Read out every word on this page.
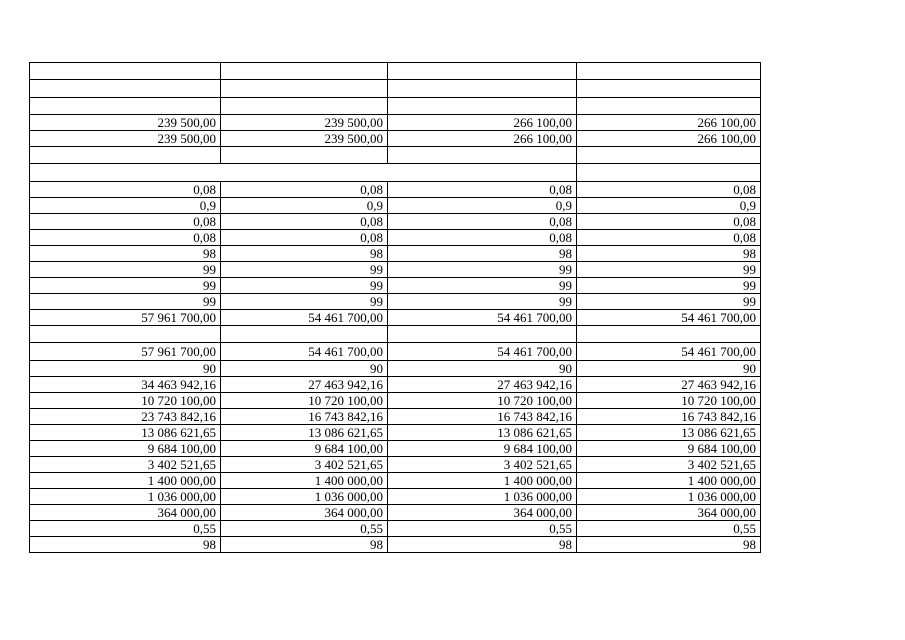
239 500,00	239 500,00	266 100,00	266 100,00
239 500,00	239 500,00	266 100,00	266 100,00

0,08	0,08	0,08	0,08
0,9	0,9	0,9	0,9
0,08	0,08	0,08	0,08
0,08	0,08	0,08	0,08
98	98	98	98
99	99	99	99
99	99	99	99
99	99	99	99
57 961 700,00	54 461 700,00	54 461 700,00	54 461 700,00

57 961 700,00	54 461 700,00	54 461 700,00	54 461 700,00
90	90	90	90
34 463 942,16	27 463 942,16	27 463 942,16	27 463 942,16
10 720 100,00	10 720 100,00	10 720 100,00	10 720 100,00
23 743 842,16	16 743 842,16	16 743 842,16	16 743 842,16
13 086 621,65	13 086 621,65	13 086 621,65	13 086 621,65
9 684 100,00	9 684 100,00	9 684 100,00	9 684 100,00
3 402 521,65	3 402 521,65	3 402 521,65	3 402 521,65
1 400 000,00	1 400 000,00	1 400 000,00	1 400 000,00
1 036 000,00	1 036 000,00	1 036 000,00	1 036 000,00
364 000,00	364 000,00	364 000,00	364 000,00
0,55	0,55	0,55	0,55
98	98	98	98
